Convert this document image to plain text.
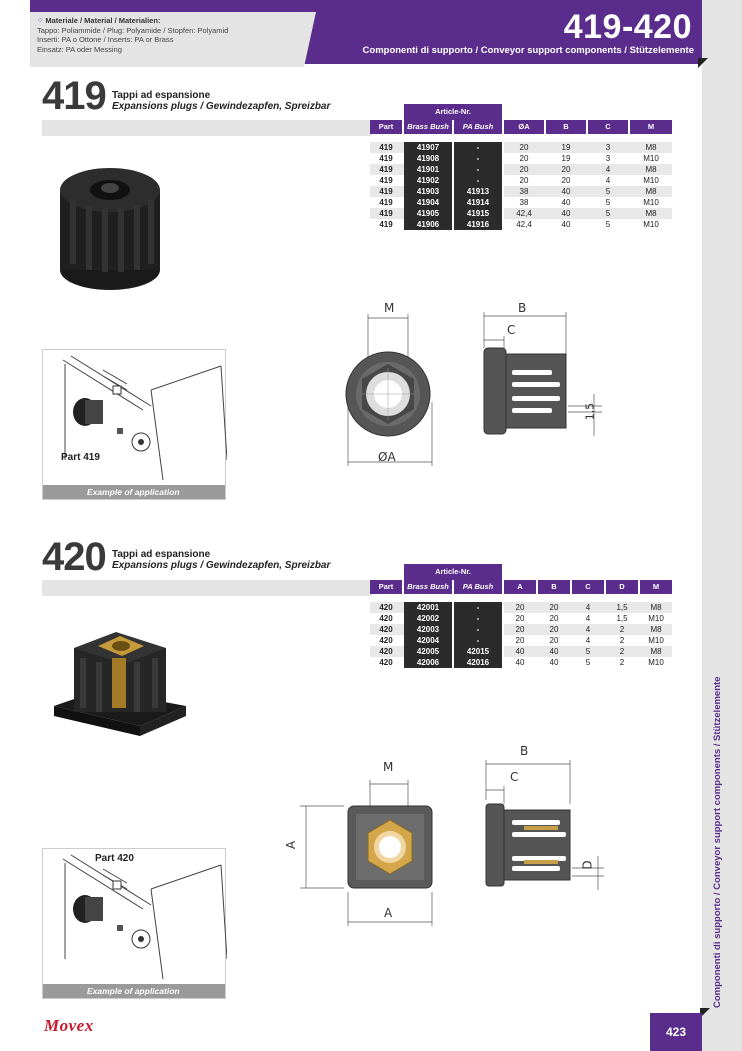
Componenti di supporto / Conveyor support components / Stützelemente
⁘ Materiale / Material / Materialien:
Tappo: Poliammide / Plug: Polyamide / Stopfen: Polyamid
Inserti: PA o Ottone / Inserts: PA or Brass
Einsatz: PA oder Messing
419-420
Componenti di supporto / Conveyor support components / Stützelemente
419 Tappi ad espansione
Expansions plugs / Gewindezapfen, Spreizbar	Article-Nr.
Part	Brass Bush	PA Bush	ØA	B	C	M
419	41907	-	20	19	3	M8
419	41908	-	20	19	3	M10
419	41901	-	20	20	4	M8
419	41902	-	20	20	4	M10
419	41903	41913	38	40	5	M8
419	41904	41914	38	40	5	M10
419	41905	41915	42,4	40	5	M8
419	41906	41916	42,4	40	5	M10
Part 419
Example of application
M
ØA
B
C
1,5
420 Tappi ad espansione
Expansions plugs / Gewindezapfen, Spreizbar
Article-Nr.
Part	Brass Bush	PA Bush	A	B	C	D	M
420	42001	-	20	20	4	1,5	M8
420	42002	-	20	20	4	1,5	M10
420	42003	-	20	20	4	2	M8
420	42004	-	20	20	4	2	M10
420	42005	42015	40	40	5	2	M8
420	42006	42016	40	40	5	2	M10
Part 420
Example of application
M
A
A
B
C
D
Movex	423
